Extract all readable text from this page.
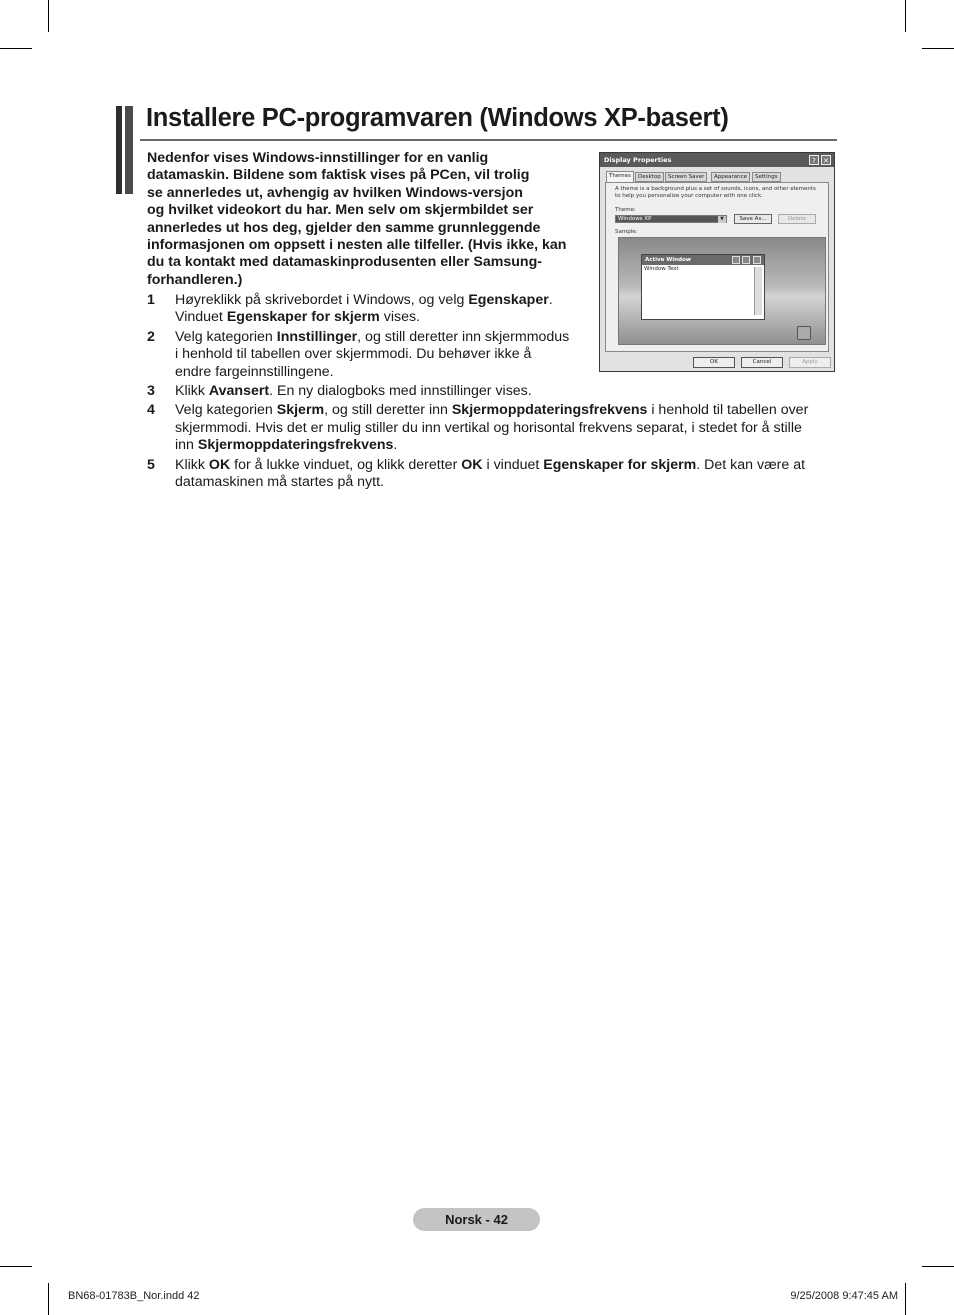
Installere PC-programvaren (Windows XP-basert)
Nedenfor vises Windows-innstillinger for en vanlig
datamaskin. Bildene som faktisk vises på PCen, vil trolig
se annerledes ut, avhengig av hvilken Windows-versjon
og hvilket videokort du har. Men selv om skjermbildet ser
annerledes ut hos deg, gjelder den samme grunnleggende
informasjonen om oppsett i nesten alle tilfeller. (Hvis ikke, kan
du ta kontakt med datamaskinprodusenten eller Samsung-
forhandleren.)
1 Høyreklikk på skrivebordet i Windows, og velg Egenskaper.
Vinduet Egenskaper for skjerm vises.
2 Velg kategorien Innstillinger, og still deretter inn skjermmodus
i henhold til tabellen over skjermmodi. Du behøver ikke å
endre fargeinnstillingene.
3 Klikk Avansert. En ny dialogboks med innstillinger vises.
4 Velg kategorien Skjerm, og still deretter inn Skjermoppdateringsfrekvens i henhold til tabellen over
skjermmodi. Hvis det er mulig stiller du inn vertikal og horisontal frekvens separat, i stedet for å stille
inn Skjermoppdateringsfrekvens.
5 Klikk OK for å lukke vinduet, og klikk deretter OK i vinduet Egenskaper for skjerm. Det kan være at
datamaskinen må startes på nytt.
Display Properties	?	✕
Themes	Desktop	Screen Saver	Appearance	Settings
A theme is a background plus a set of sounds, icons, and other elements
to help you personalize your computer with one click.
Theme:
Windows XP	▼	Save As...	Delete
Sample:
Active Window
Window Text
OK	Cancel	Apply
Norsk - 42
BN68-01783B_Nor.indd 42	9/25/2008 9:47:45 AM
